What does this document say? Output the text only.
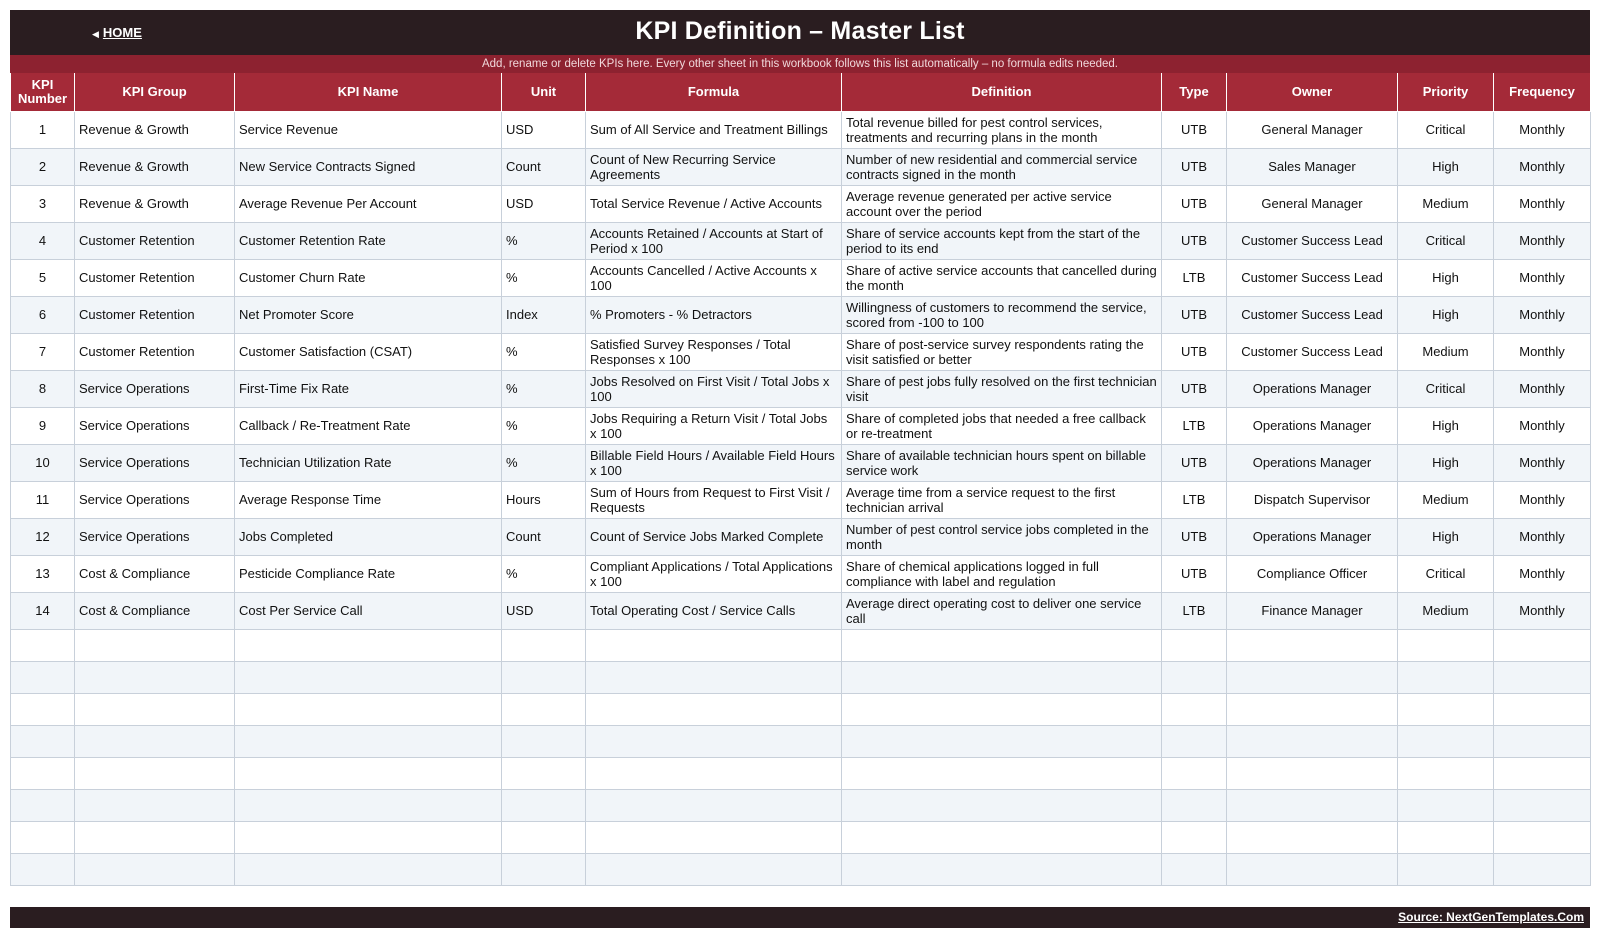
◀ HOME	KPI Definition – Master List
Add, rename or delete KPIs here. Every other sheet in this workbook follows this list automatically – no formula edits needed.
KPI Number	KPI Group	KPI Name	Unit	Formula	Definition	Type	Owner	Priority	Frequency
1	Revenue & Growth	Service Revenue	USD	Sum of All Service and Treatment Billings	Total revenue billed for pest control services, treatments and recurring plans in the month	UTB	General Manager	Critical	Monthly
2	Revenue & Growth	New Service Contracts Signed	Count	Count of New Recurring Service Agreements	Number of new residential and commercial service contracts signed in the month	UTB	Sales Manager	High	Monthly
3	Revenue & Growth	Average Revenue Per Account	USD	Total Service Revenue / Active Accounts	Average revenue generated per active service account over the period	UTB	General Manager	Medium	Monthly
4	Customer Retention	Customer Retention Rate	%	Accounts Retained / Accounts at Start of Period x 100	Share of service accounts kept from the start of the period to its end	UTB	Customer Success Lead	Critical	Monthly
5	Customer Retention	Customer Churn Rate	%	Accounts Cancelled / Active Accounts x 100	Share of active service accounts that cancelled during the month	LTB	Customer Success Lead	High	Monthly
6	Customer Retention	Net Promoter Score	Index	% Promoters - % Detractors	Willingness of customers to recommend the service, scored from -100 to 100	UTB	Customer Success Lead	High	Monthly
7	Customer Retention	Customer Satisfaction (CSAT)	%	Satisfied Survey Responses / Total Responses x 100	Share of post-service survey respondents rating the visit satisfied or better	UTB	Customer Success Lead	Medium	Monthly
8	Service Operations	First-Time Fix Rate	%	Jobs Resolved on First Visit / Total Jobs x 100	Share of pest jobs fully resolved on the first technician visit	UTB	Operations Manager	Critical	Monthly
9	Service Operations	Callback / Re-Treatment Rate	%	Jobs Requiring a Return Visit / Total Jobs x 100	Share of completed jobs that needed a free callback or re-treatment	LTB	Operations Manager	High	Monthly
10	Service Operations	Technician Utilization Rate	%	Billable Field Hours / Available Field Hours x 100	Share of available technician hours spent on billable service work	UTB	Operations Manager	High	Monthly
11	Service Operations	Average Response Time	Hours	Sum of Hours from Request to First Visit / Requests	Average time from a service request to the first technician arrival	LTB	Dispatch Supervisor	Medium	Monthly
12	Service Operations	Jobs Completed	Count	Count of Service Jobs Marked Complete	Number of pest control service jobs completed in the month	UTB	Operations Manager	High	Monthly
13	Cost & Compliance	Pesticide Compliance Rate	%	Compliant Applications / Total Applications x 100	Share of chemical applications logged in full compliance with label and regulation	UTB	Compliance Officer	Critical	Monthly
14	Cost & Compliance	Cost Per Service Call	USD	Total Operating Cost / Service Calls	Average direct operating cost to deliver one service call	LTB	Finance Manager	Medium	Monthly

Source: NextGenTemplates.Com
